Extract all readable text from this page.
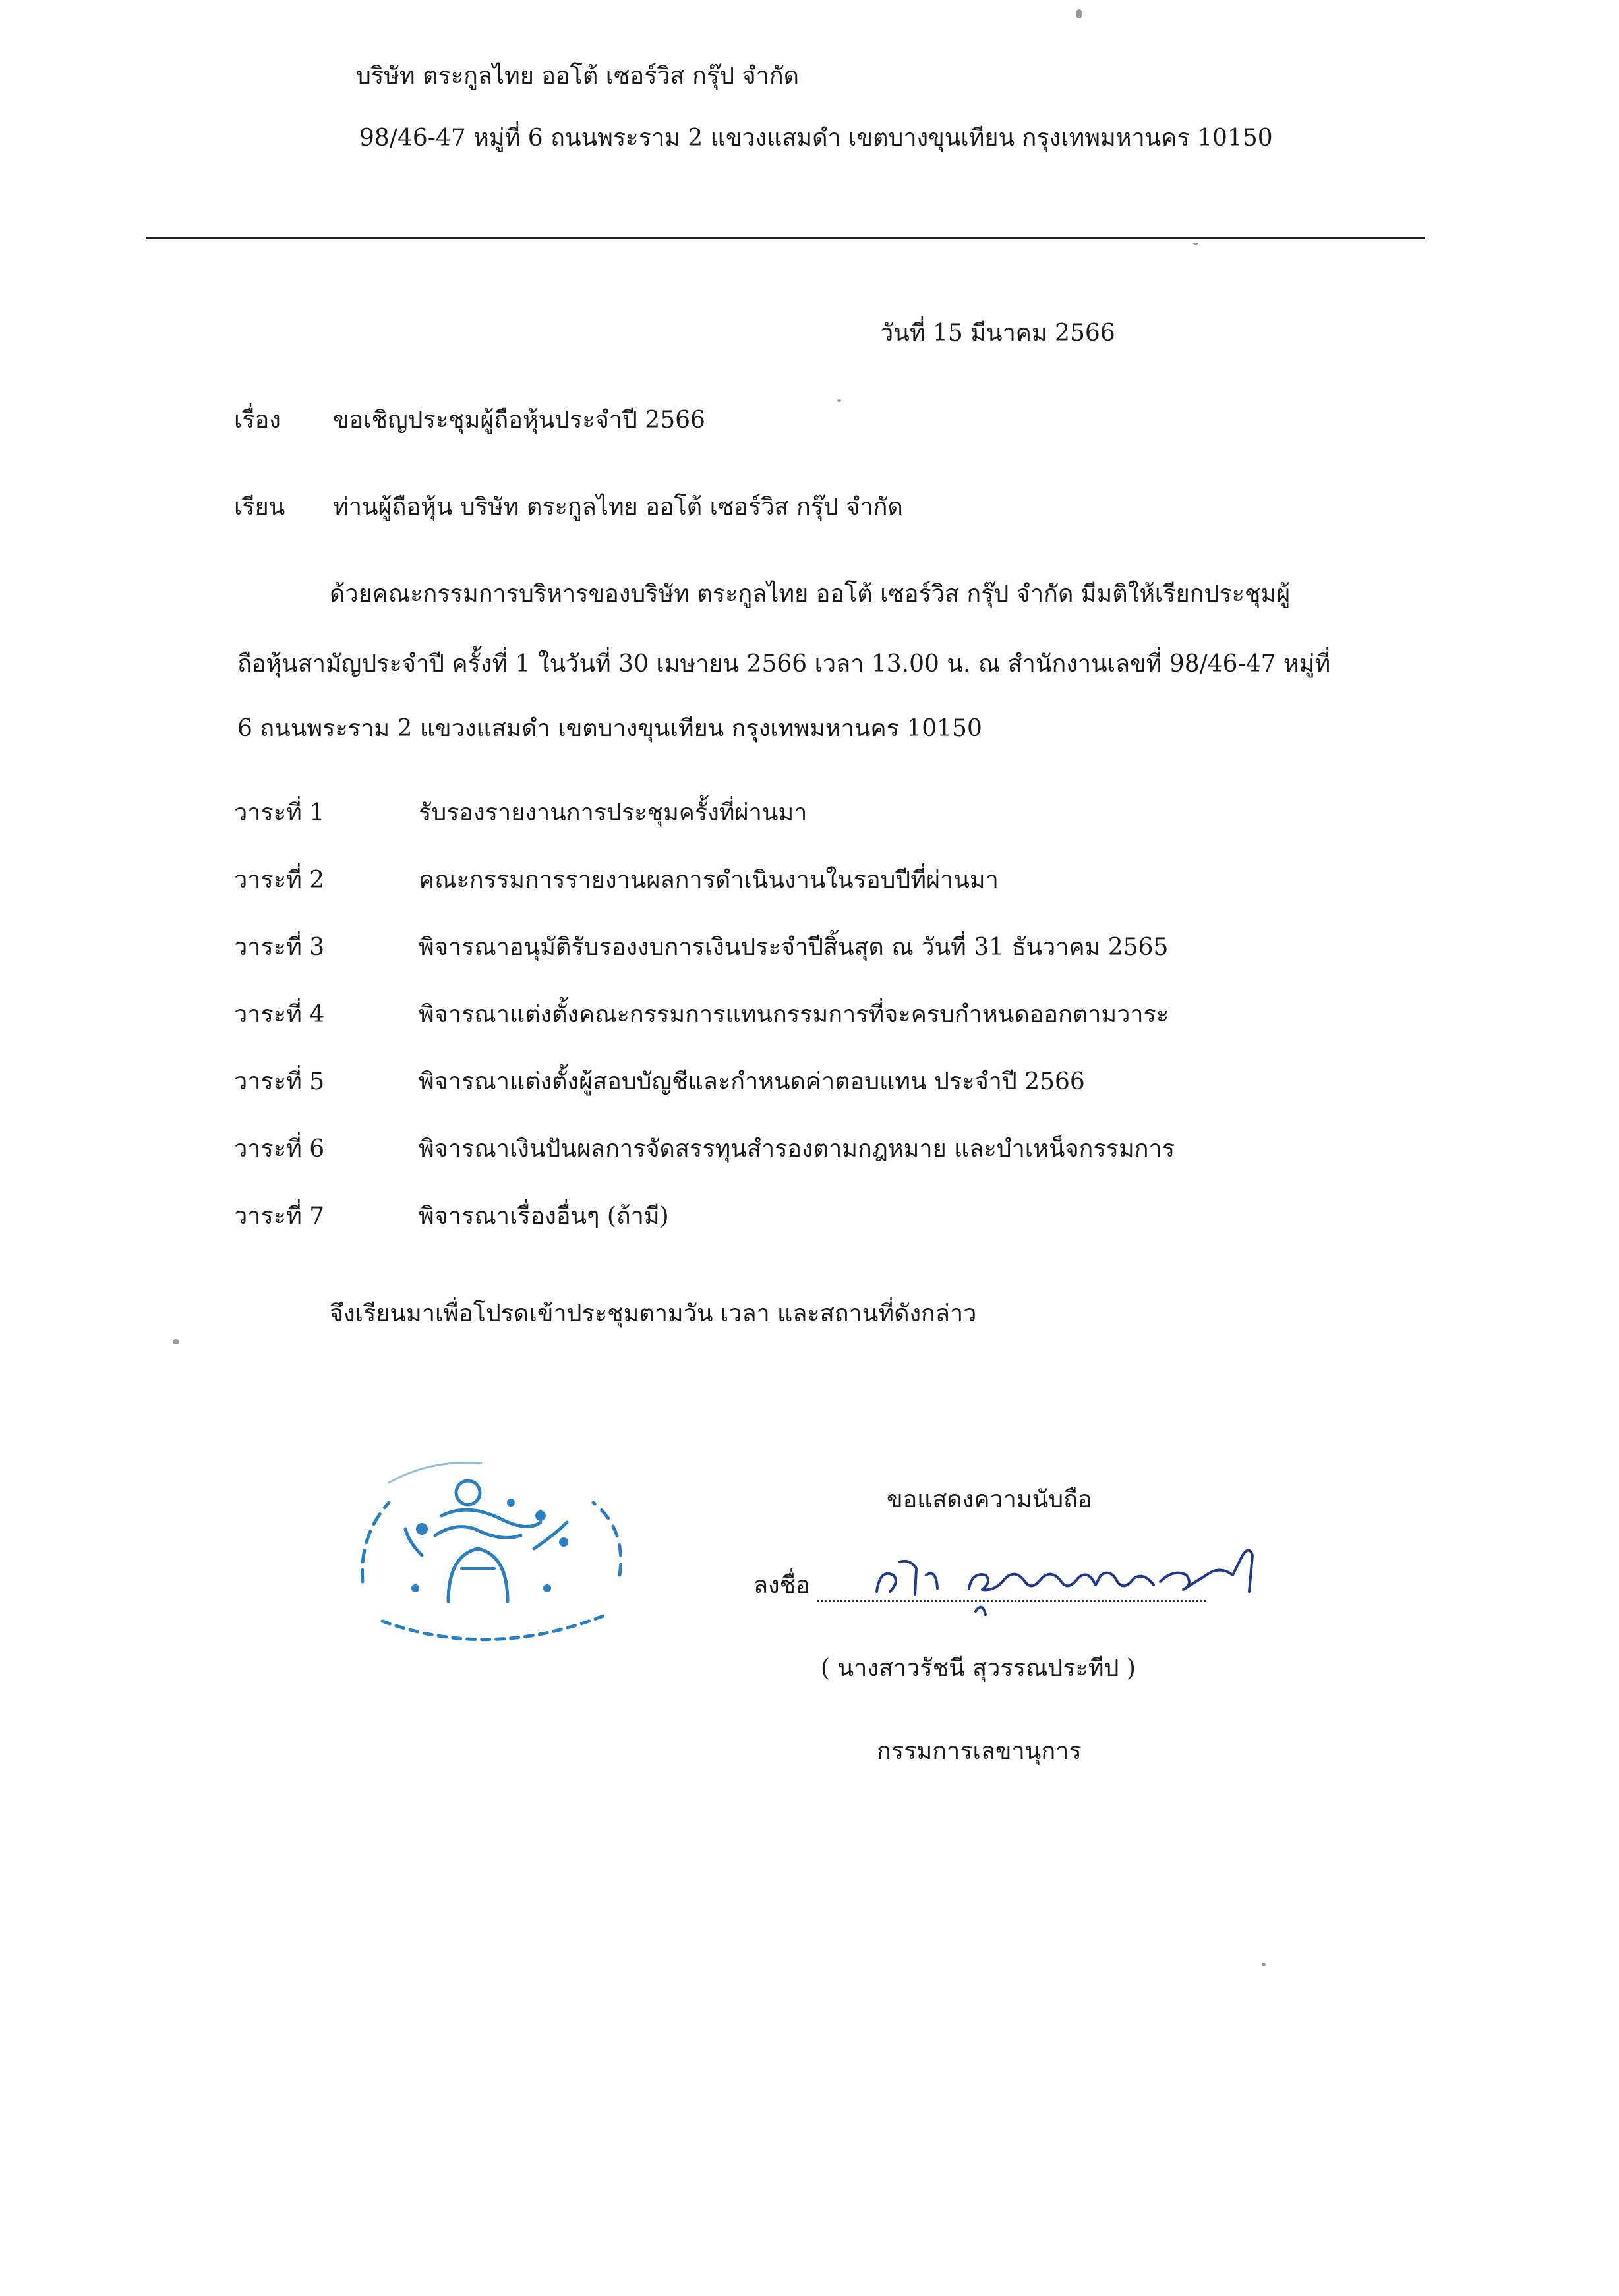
บริษัท ตระกูลไทย ออโต้ เซอร์วิส กรุ๊ป จำกัด
98/46-47 หมู่ที่ 6 ถนนพระราม 2 แขวงแสมดำ เขตบางขุนเทียน กรุงเทพมหานคร 10150
วันที่ 15 มีนาคม 2566
เรื่อง ขอเชิญประชุมผู้ถือหุ้นประจำปี 2566
เรียน ท่านผู้ถือหุ้น บริษัท ตระกูลไทย ออโต้ เซอร์วิส กรุ๊ป จำกัด
ด้วยคณะกรรมการบริหารของบริษัท ตระกูลไทย ออโต้ เซอร์วิส กรุ๊ป จำกัด มีมติให้เรียกประชุมผู้
ถือหุ้นสามัญประจำปี ครั้งที่ 1 ในวันที่ 30 เมษายน 2566 เวลา 13.00 น. ณ สำนักงานเลขที่ 98/46-47 หมู่ที่
6 ถนนพระราม 2 แขวงแสมดำ เขตบางขุนเทียน กรุงเทพมหานคร 10150
วาระที่ 1	รับรองรายงานการประชุมครั้งที่ผ่านมา
วาระที่ 2	คณะกรรมการรายงานผลการดำเนินงานในรอบปีที่ผ่านมา
วาระที่ 3	พิจารณาอนุมัติรับรองงบการเงินประจำปีสิ้นสุด ณ วันที่ 31 ธันวาคม 2565
วาระที่ 4	พิจารณาแต่งตั้งคณะกรรมการแทนกรรมการที่จะครบกำหนดออกตามวาระ
วาระที่ 5	พิจารณาแต่งตั้งผู้สอบบัญชีและกำหนดค่าตอบแทน ประจำปี 2566
วาระที่ 6	พิจารณาเงินปันผลการจัดสรรทุนสำรองตามกฎหมาย และบำเหน็จกรรมการ
วาระที่ 7	พิจารณาเรื่องอื่นๆ (ถ้ามี)
จึงเรียนมาเพื่อโปรดเข้าประชุมตามวัน เวลา และสถานที่ดังกล่าว
ขอแสดงความนับถือ
ลงชื่อ
( นางสาวรัชนี สุวรรณประทีป )
กรรมการเลขานุการ
